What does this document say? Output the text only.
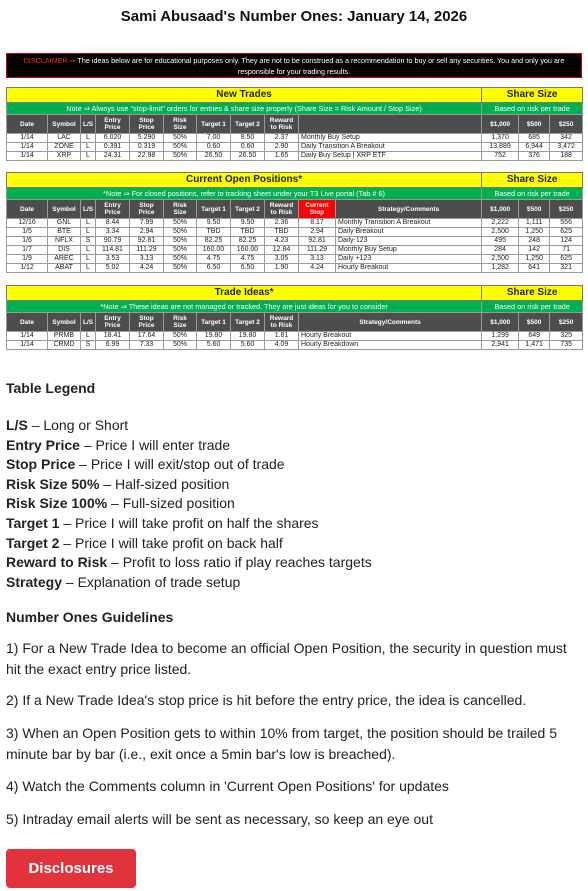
Sami Abusaad's Number Ones: January 14, 2026
DISCLAIMER ⇒ The ideas below are for educational purposes only. They are not to be construed as a recommendation to buy or sell any securities. You and only you are responsible for your trading results.
New Trades										Share Size		
Note ⇒ Always use "stop-limit" orders for entries & share size properly (Share Size = Risk Amount / Stop Size)										Based on risk per trade		
Date	Symbol	L/S	Entry Price	Stop Price	Risk Size	Target 1	Target 2	Reward to Risk		$1,000	$500	$250
1/14	LAC	L	6.020	5.290	50%	7.00	8.50	2.37	Monthly Buy Setup	1,370	685	342
1/14	ZONE	L	0.391	0.319	50%	0.60	0.60	2.90	Daily Transition A Breakout	13,889	6,944	3,472
1/14	XRP	L	24.31	22.98	50%	26.50	26.50	1.65	Daily Buy Setup | XRP ETF	752	376	188
Current Open Positions*											Share Size		
*Note ⇒ For closed positions, refer to tracking sheet under your T3 Live portal (Tab # 6)											Based on risk per trade		
Date	Symbol	L/S	Entry Price	Stop Price	Risk Size	Target 1	Target 2	Reward to Risk	Current Stop	Strategy/Comments	$1,000	$500	$250
12/16	GNL	L	8.44	7.99	50%	9.50	9.50	2.36	8.17	Monthly Transition A Breakout	2,222	1,111	556
1/5	BTE	L	3.34	2.94	50%	TBD	TBD	TBD	2.94	Daily Breakout	2,500	1,250	625
1/6	NFLX	S	90.79	92.81	50%	82.25	82.25	4.23	92.81	Daily-123	495	248	124
1/7	DIS	L	114.81	111.29	50%	160.00	160.00	12.84	111.29	Monthly Buy Setup	284	142	71
1/9	AREC	L	3.53	3.13	50%	4.75	4.75	3.05	3.13	Daily +123	2,500	1,250	625
1/12	ABAT	L	5.02	4.24	50%	6.50	6.50	1.90	4.24	Hourly Breakout	1,282	641	321
Trade Ideas*										Share Size		
*Note ⇒ These ideas are not managed or tracked. They are just ideas for you to consider										Based on risk per trade		
Date	Symbol	L/S	Entry Price	Stop Price	Risk Size	Target 1	Target 2	Reward to Risk	Strategy/Comments	$1,000	$500	$250
1/14	PRMB	L	18.41	17.64	50%	19.80	19.80	1.81	Hourly Breakout	1,299	649	325
1/14	CRMD	S	6.99	7.33	50%	5.60	5.60	4.09	Hourly Breakdown	2,941	1,471	735
Table Legend
L/S – Long or Short
Entry Price – Price I will enter trade
Stop Price – Price I will exit/stop out of trade
Risk Size 50% – Half-sized position
Risk Size 100% – Full-sized position
Target 1 – Price I will take profit on half the shares
Target 2 – Price I will take profit on back half
Reward to Risk – Profit to loss ratio if play reaches targets
Strategy – Explanation of trade setup
Number Ones Guidelines
1) For a New Trade Idea to become an official Open Position, the security in question must hit the exact entry price listed.
2) If a New Trade Idea's stop price is hit before the entry price, the idea is cancelled.
3) When an Open Position gets to within 10% from target, the position should be trailed 5 minute bar by bar (i.e., exit once a 5min bar's low is breached).
4) Watch the Comments column in 'Current Open Positions' for updates
5) Intraday email alerts will be sent as necessary, so keep an eye out
Disclosures
